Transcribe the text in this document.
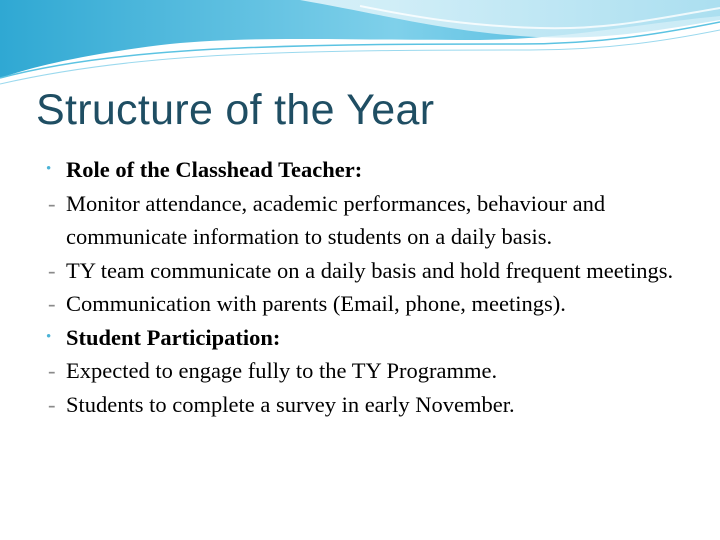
Structure of the Year
• Role of the Classhead Teacher:
- Monitor attendance, academic performances, behaviour and communicate information to students on a daily basis.
- TY team communicate on a daily basis and hold frequent meetings.
- Communication with parents (Email, phone, meetings).
• Student Participation:
- Expected to engage fully to the TY Programme.
- Students to complete a survey in early November.
